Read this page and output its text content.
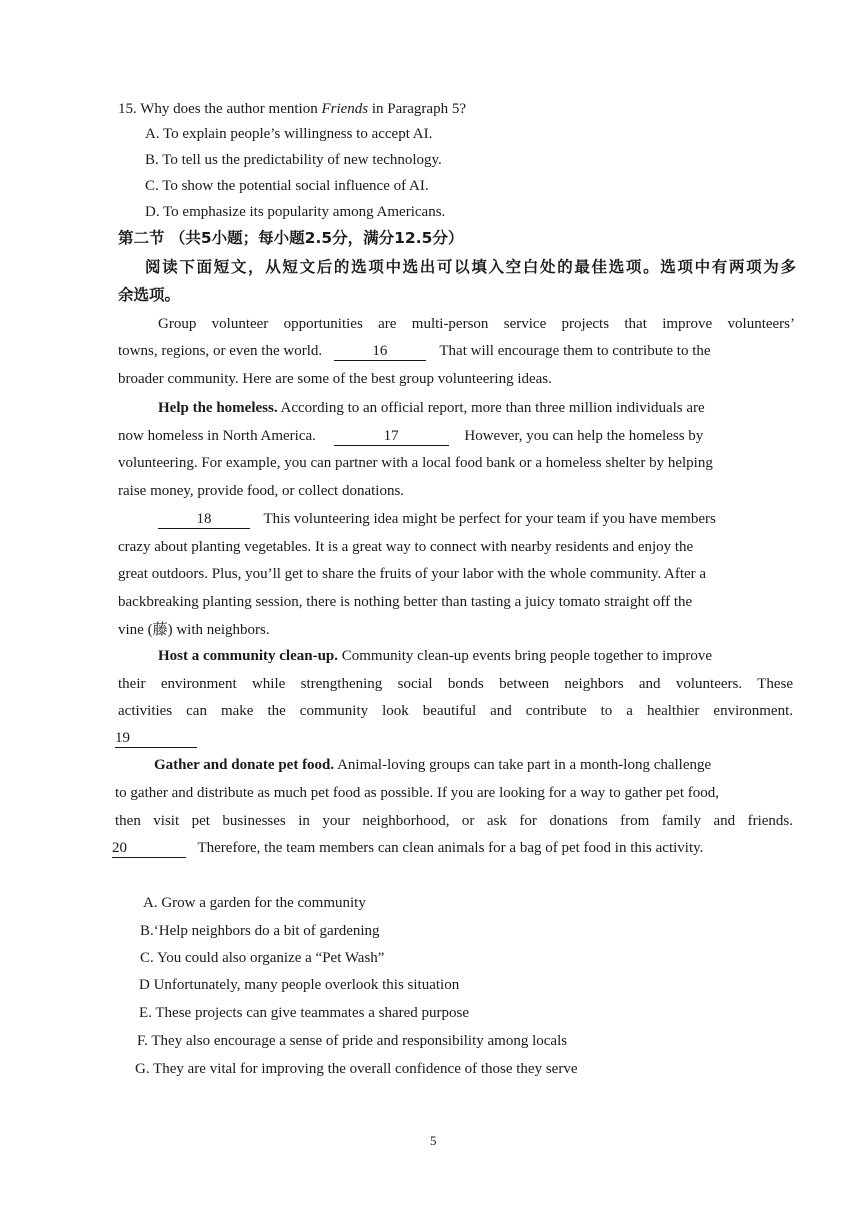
15. Why does the author mention Friends in Paragraph 5?
A. To explain people’s willingness to accept AI.
B. To tell us the predictability of new technology.
C. To show the potential social influence of AI.
D. To emphasize its popularity among Americans.
第二节 （共5小题；每小题2.5分，满分12.5分）
阅读下面短文，从短文后的选项中选出可以填入空白处的最佳选项。选项中有两项为多
余选项。
Group volunteer opportunities are multi-person service projects that improve volunteers’
towns, regions, or even the world.	16	That will encourage them to contribute to the
broader community. Here are some of the best group volunteering ideas.
Help the homeless. According to an official report, more than three million individuals are
now homeless in North America.	17	However, you can help the homeless by
volunteering. For example, you can partner with a local food bank or a homeless shelter by helping
raise money, provide food, or collect donations.
18	This volunteering idea might be perfect for your team if you have members
crazy about planting vegetables. It is a great way to connect with nearby residents and enjoy the
great outdoors. Plus, you’ll get to share the fruits of your labor with the whole community. After a
backbreaking planting session, there is nothing better than tasting a juicy tomato straight off the
vine (藤) with neighbors.
Host a community clean-up. Community clean-up events bring people together to improve
their environment while strengthening social bonds between neighbors and volunteers. These
activities can make the community look beautiful and contribute to a healthier environment.
19
Gather and donate pet food. Animal-loving groups can take part in a month-long challenge
to gather and distribute as much pet food as possible. If you are looking for a way to gather pet food,
then visit pet businesses in your neighborhood, or ask for donations from family and friends.
20	Therefore, the team members can clean animals for a bag of pet food in this activity.
A. Grow a garden for the community
B.‘Help neighbors do a bit of gardening
C. You could also organize a “Pet Wash”
D Unfortunately, many people overlook this situation
E. These projects can give teammates a shared purpose
F. They also encourage a sense of pride and responsibility among locals
G. They are vital for improving the overall confidence of those they serve
5
